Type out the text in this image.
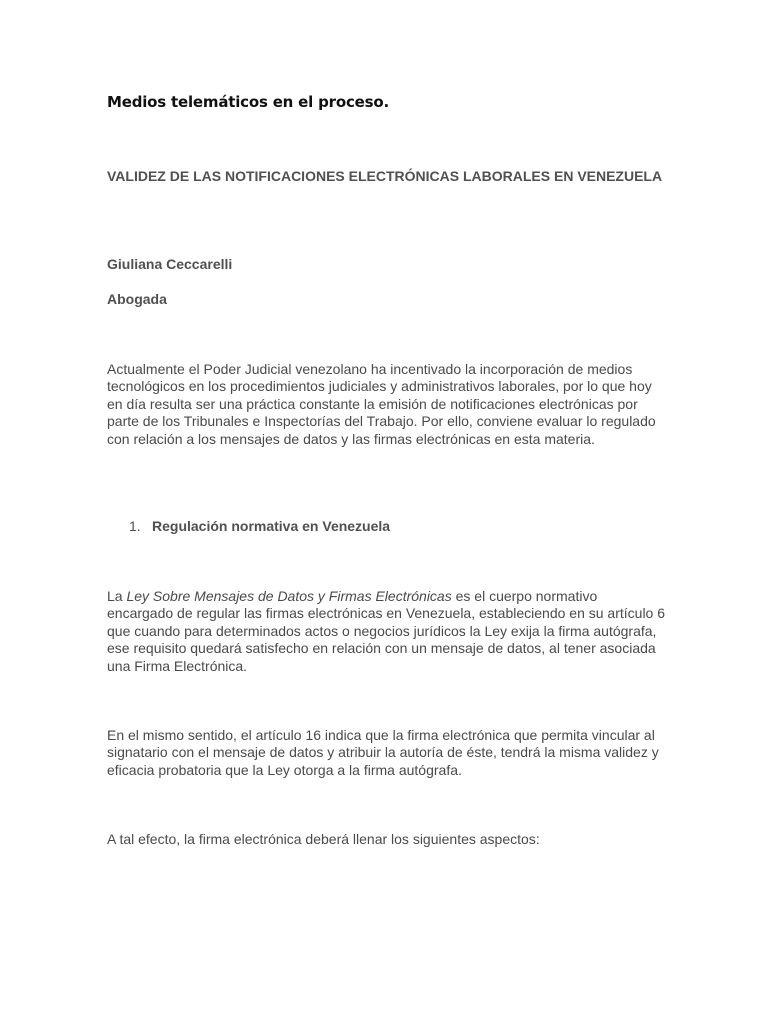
Medios telemáticos en el proceso.
VALIDEZ DE LAS NOTIFICACIONES ELECTRÓNICAS LABORALES EN VENEZUELA

Giuliana Ceccarelli

Abogada

Actualmente el Poder Judicial venezolano ha incentivado la incorporación de medios tecnológicos en los procedimientos judiciales y administrativos laborales, por lo que hoy en día resulta ser una práctica constante la emisión de notificaciones electrónicas por parte de los Tribunales e Inspectorías del Trabajo. Por ello, conviene evaluar lo regulado con relación a los mensajes de datos y las firmas electrónicas en esta materia.

1. Regulación normativa en Venezuela

La Ley Sobre Mensajes de Datos y Firmas Electrónicas es el cuerpo normativo encargado de regular las firmas electrónicas en Venezuela, estableciendo en su artículo 6 que cuando para determinados actos o negocios jurídicos la Ley exija la firma autógrafa, ese requisito quedará satisfecho en relación con un mensaje de datos, al tener asociada una Firma Electrónica.

En el mismo sentido, el artículo 16 indica que la firma electrónica que permita vincular al signatario con el mensaje de datos y atribuir la autoría de éste, tendrá la misma validez y eficacia probatoria que la Ley otorga a la firma autógrafa.

A tal efecto, la firma electrónica deberá llenar los siguientes aspectos:
